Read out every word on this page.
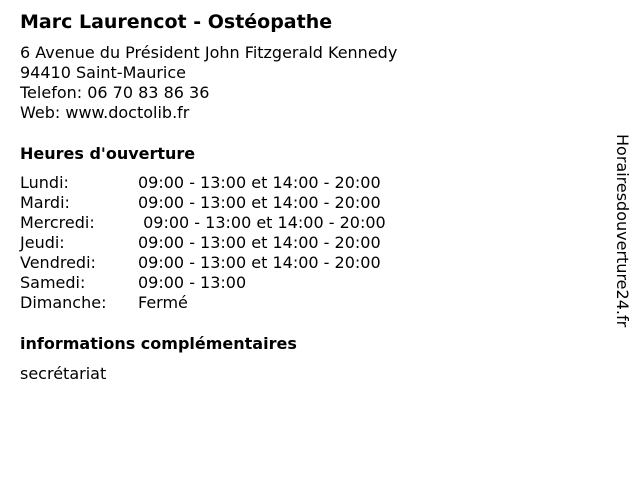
Marc Laurencot - Ostéopathe
6 Avenue du Président John Fitzgerald Kennedy
94410 Saint-Maurice
Telefon: 06 70 83 86 36
Web: www.doctolib.fr
Heures d'ouverture
Lundi:	09:00 - 13:00 et 14:00 - 20:00
Mardi:	09:00 - 13:00 et 14:00 - 20:00
Mercredi:	09:00 - 13:00 et 14:00 - 20:00
Jeudi:	09:00 - 13:00 et 14:00 - 20:00
Vendredi:	09:00 - 13:00 et 14:00 - 20:00
Samedi:	09:00 - 13:00
Dimanche: Fermé
informations complémentaires
secrétariat
Horairesdouverture24.fr
